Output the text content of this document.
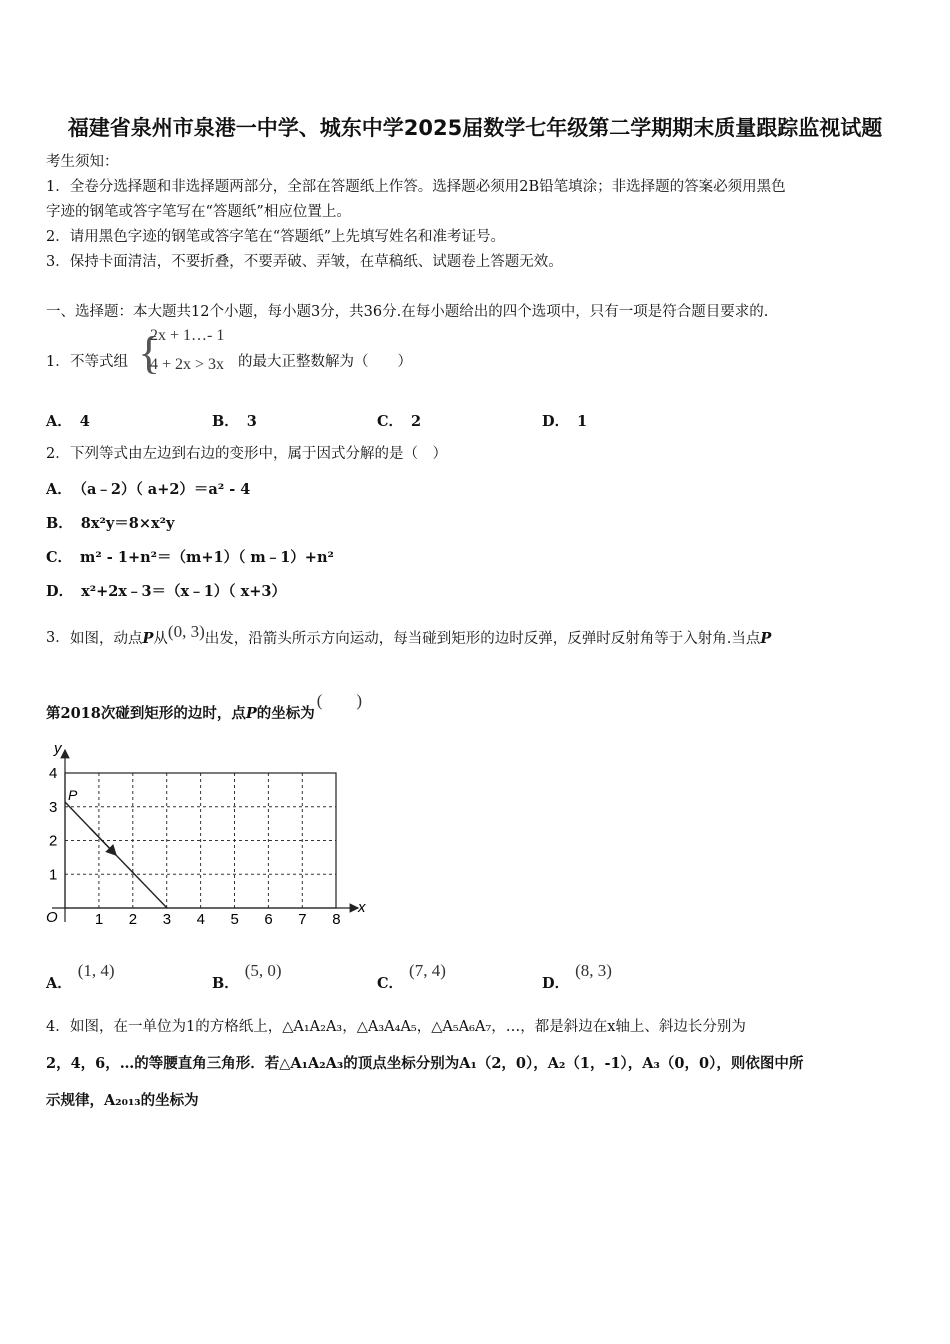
福建省泉州市泉港一中学、城东中学2025届数学七年级第二学期期末质量跟踪监视试题
考生须知：
1．全卷分选择题和非选择题两部分，全部在答题纸上作答。选择题必须用2B铅笔填涂；非选择题的答案必须用黑色
字迹的钢笔或答字笔写在“答题纸”相应位置上。
2．请用黑色字迹的钢笔或答字笔在“答题纸”上先填写姓名和准考证号。
3．保持卡面清洁，不要折叠，不要弄破、弄皱，在草稿纸、试题卷上答题无效。
一、选择题：本大题共12个小题，每小题3分，共36分.在每小题给出的四个选项中，只有一项是符合题目要求的.
1． 不等式组 {
2x + 1…- 1
4 + 2x > 3x 的最大正整数解为（　　）
A． 4	B． 3	C． 2	D． 1
2． 下列等式由左边到右边的变形中，属于因式分解的是（　）
A． （a﹣2）（ a+2）＝a² - 4
B． 8x²y＝8×x²y
C． m² - 1+n²＝（m+1）（ m﹣1）+n²
D． x²+2x﹣3＝（x﹣1）（ x+3）
3． 如图，动点P从(0, 3)出发，沿箭头所示方向运动，每当碰到矩形的边时反弹，反弹时反射角等于入射角.当点P
第2018次碰到矩形的边时，点P的坐标为(　　)
y
x
O
P
1 2 3 4 5 6 7 8
1
2
3
4
A．(1, 4)
B．(5, 0)
C．(7, 4)
D．(8, 3)
4． 如图，在一单位为1的方格纸上，△A₁A₂A₃，△A₃A₄A₅，△A₅A₆A₇，…，都是斜边在x轴上、斜边长分别为
2，4，6，…的等腰直角三角形．若△A₁A₂A₃的顶点坐标分别为A₁（2，0），A₂（1，-1），A₃（0，0），则依图中所
示规律，A₂₀₁₃的坐标为
